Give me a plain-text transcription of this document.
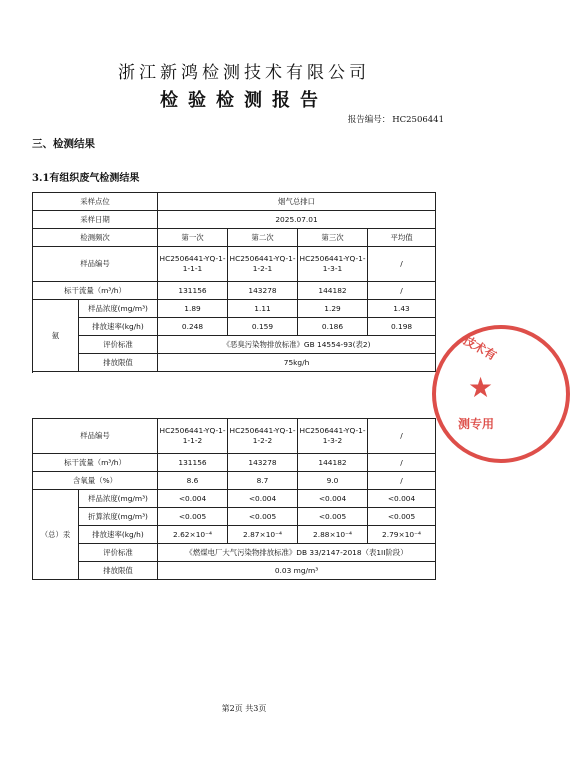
浙江新鸿检测技术有限公司
检验检测报告
报告编号： HC2506441
三、检测结果
3.1有组织废气检测结果
采样点位		烟气总排口			
采样日期		2025.07.01			
检测频次		第一次	第二次	第三次	平均值
样品编号		HC2506441-YQ-1-1-1-1	HC2506441-YQ-1-1-2-1	HC2506441-YQ-1-1-3-1	/
标干流量（m³/h）		131156	143278	144182	/
氨	样品浓度(mg/m³)	1.89	1.11	1.29	1.43
	排放速率(kg/h)	0.248	0.159	0.186	0.198
	评价标准	《恶臭污染物排放标准》GB 14554-93(表2)			
	排放限值	75kg/h			

样品编号		HC2506441-YQ-1-1-1-2	HC2506441-YQ-1-1-2-2	HC2506441-YQ-1-1-3-2	/
标干流量（m³/h）		131156	143278	144182	/
含氧量（%）		8.6	8.7	9.0	/
（总）汞	样品浓度(mg/m³)	<0.004	<0.004	<0.004	<0.004
	折算浓度(mg/m³)	<0.005	<0.005	<0.005	<0.005
	排放速率(kg/h)	2.62×10⁻⁴	2.87×10⁻⁴	2.88×10⁻⁴	2.79×10⁻⁴
	评价标准	《燃煤电厂大气污染物排放标准》DB 33/2147-2018（表1II阶段）			
	排放限值	0.03 mg/m³			
技术有
★
测专用
第2页 共3页
